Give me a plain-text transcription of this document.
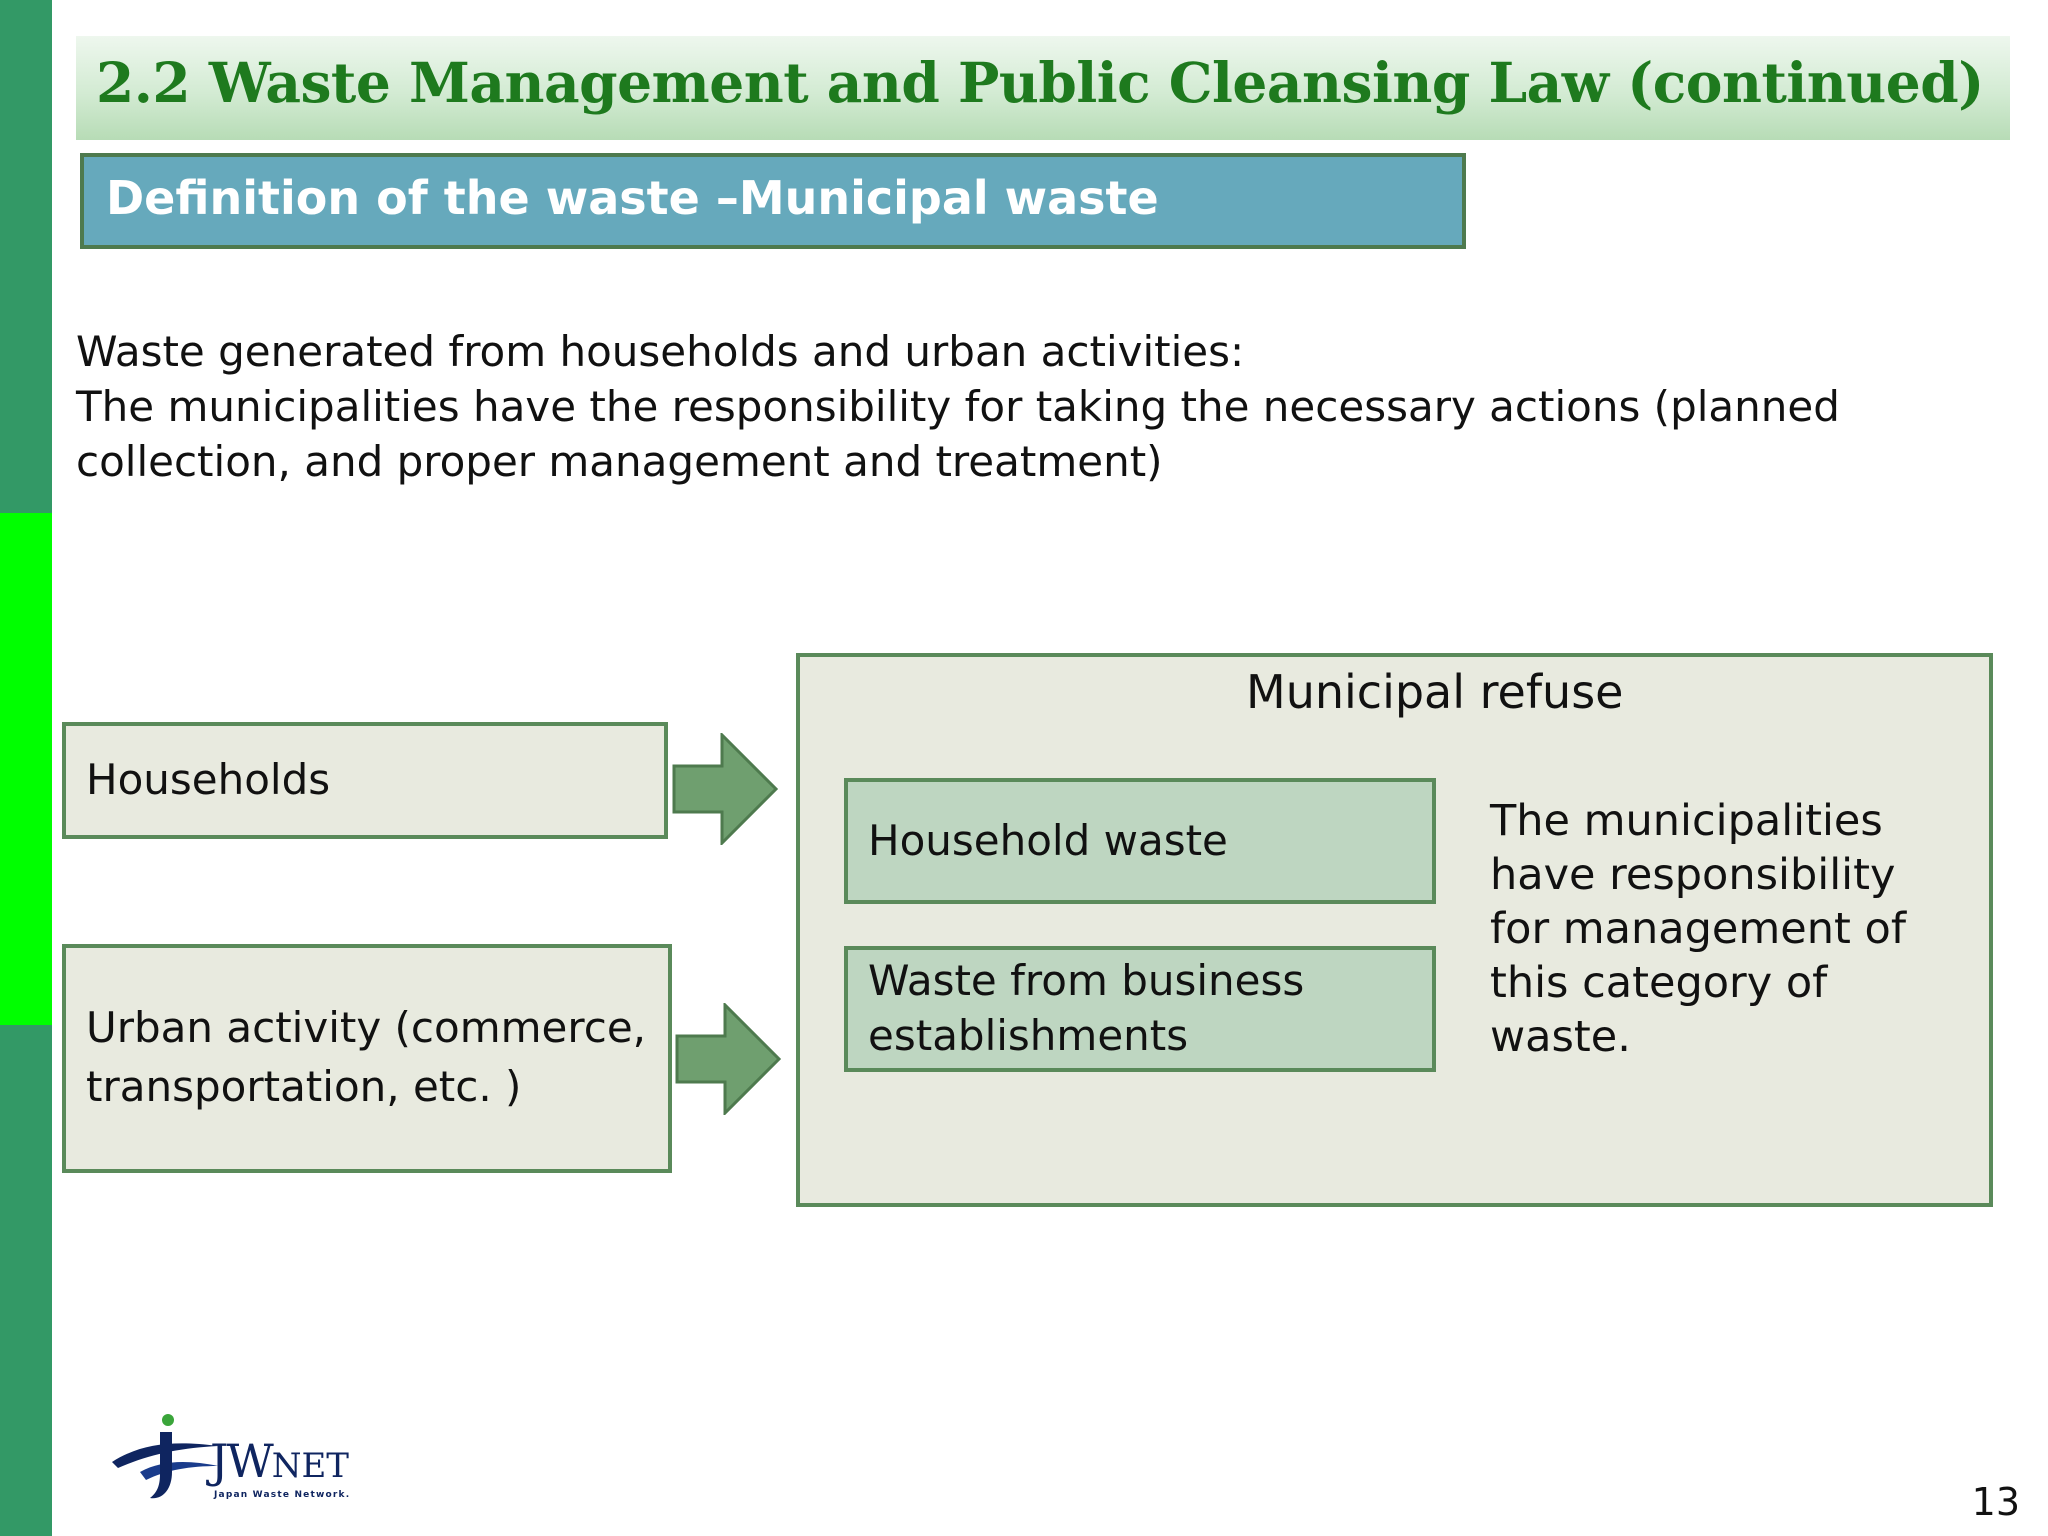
2.2 Waste Management and Public Cleansing Law (continued)
Definition of the waste –Municipal waste
Waste generated from households and urban activities:
The municipalities have the responsibility for taking the necessary actions (planned
collection, and proper management and treatment)
Households
Urban activity (commerce,
transportation, etc. )
Municipal refuse
Household waste
Waste from business
establishments
The municipalities
have responsibility
for management of
this category of
waste.
JWNET
Japan Waste Network.	13
